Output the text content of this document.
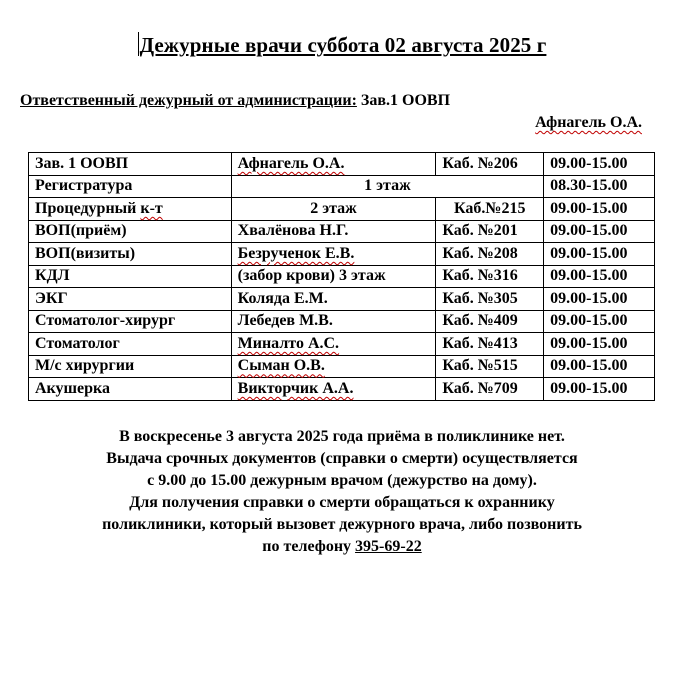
Дежурные врачи суббота 02 августа 2025 г
Ответственный дежурный от администрации: Зав.1 ООВП
Афнагель О.А.
Зав. 1 ООВП	Афнагель О.А.	Каб. №206	09.00-15.00
Регистратура	1 этаж		08.30-15.00
Процедурный к-т	2 этаж	Каб.№215	09.00-15.00
ВОП(приём)	Хвалёнова Н.Г.	Каб. №201	09.00-15.00
ВОП(визиты)	Безрученок Е.В.	Каб. №208	09.00-15.00
КДЛ	(забор крови) 3 этаж	Каб. №316	09.00-15.00
ЭКГ	Коляда Е.М.	Каб. №305	09.00-15.00
Стоматолог-хирург	Лебедев М.В.	Каб. №409	09.00-15.00
Стоматолог	Миналто А.С.	Каб. №413	09.00-15.00
М/с хирургии	Сыман О.В.	Каб. №515	09.00-15.00
Акушерка	Викторчик А.А.	Каб. №709	09.00-15.00
В воскресенье 3 августа 2025 года приёма в поликлинике нет.
Выдача срочных документов (справки о смерти) осуществляется
с 9.00 до 15.00 дежурным врачом (дежурство на дому).
Для получения справки о смерти обращаться к охраннику
поликлиники, который вызовет дежурного врача, либо позвонить
по телефону 395-69-22
